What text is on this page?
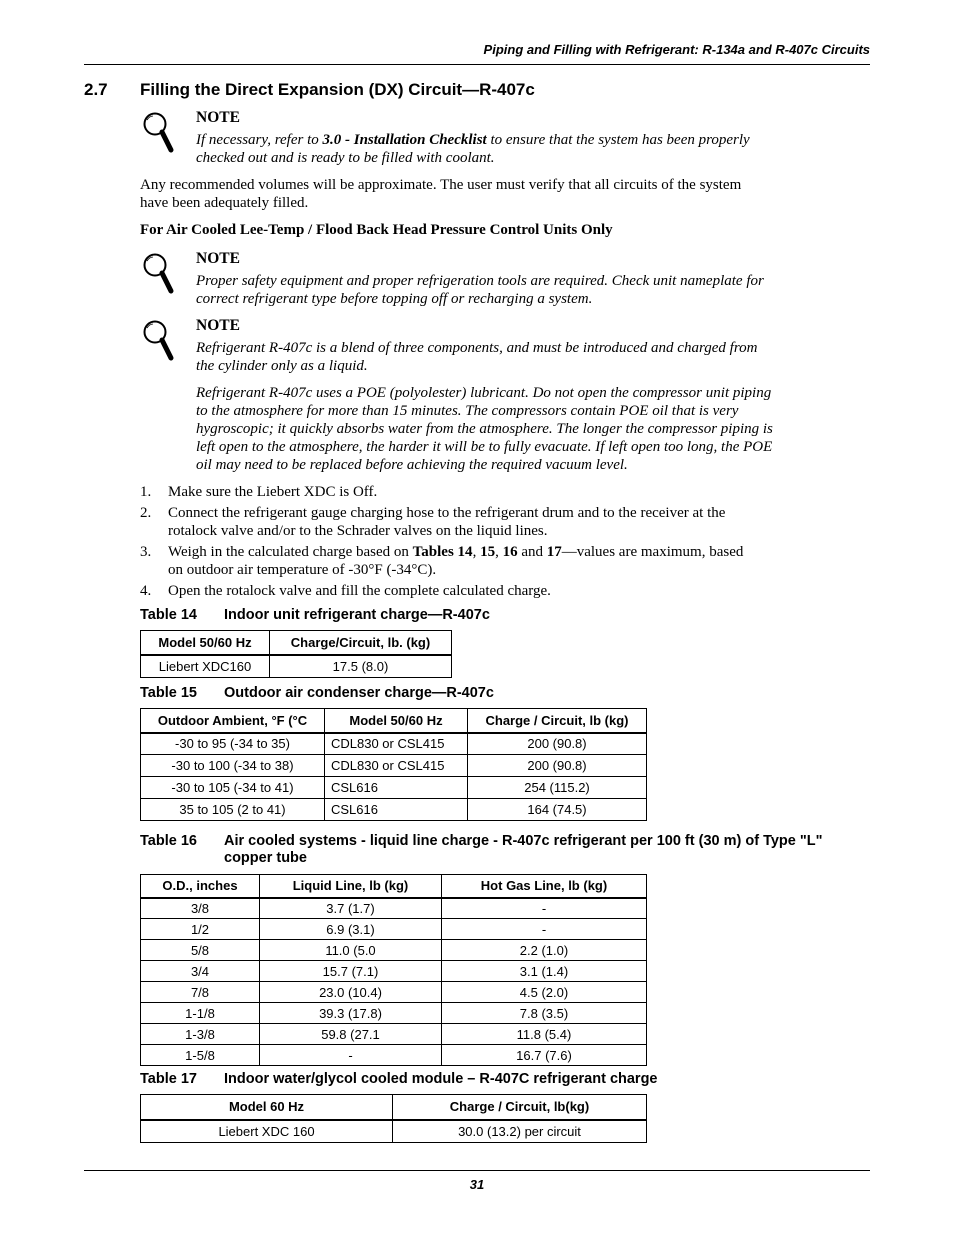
Piping and Filling with Refrigerant: R-134a and R-407c Circuits
2.7 Filling the Direct Expansion (DX) Circuit—R-407c
NOTE
If necessary, refer to 3.0 - Installation Checklist to ensure that the system has been properly
checked out and is ready to be filled with coolant.
Any recommended volumes will be approximate. The user must verify that all circuits of the system
have been adequately filled.
For Air Cooled Lee-Temp / Flood Back Head Pressure Control Units Only
NOTE
Proper safety equipment and proper refrigeration tools are required. Check unit nameplate for
correct refrigerant type before topping off or recharging a system.
NOTE
Refrigerant R-407c is a blend of three components, and must be introduced and charged from
the cylinder only as a liquid.
Refrigerant R-407c uses a POE (polyolester) lubricant. Do not open the compressor unit piping
to the atmosphere for more than 15 minutes. The compressors contain POE oil that is very
hygroscopic; it quickly absorbs water from the atmosphere. The longer the compressor piping is
left open to the atmosphere, the harder it will be to fully evacuate. If left open too long, the POE
oil may need to be replaced before achieving the required vacuum level.
1. Make sure the Liebert XDC is Off.
2. Connect the refrigerant gauge charging hose to the refrigerant drum and to the receiver at the
rotalock valve and/or to the Schrader valves on the liquid lines.
3. Weigh in the calculated charge based on Tables 14, 15, 16 and 17—values are maximum, based
on outdoor air temperature of -30°F (-34°C).
4. Open the rotalock valve and fill the complete calculated charge.
Table 14 Indoor unit refrigerant charge—R-407c
Model 50/60 Hz	Charge/Circuit, lb. (kg)
Liebert XDC160	17.5 (8.0)
Table 15 Outdoor air condenser charge—R-407c
Outdoor Ambient, °F (°C	Model 50/60 Hz	Charge / Circuit, lb (kg)
-30 to 95 (-34 to 35)	CDL830 or CSL415	200 (90.8)
-30 to 100 (-34 to 38)	CDL830 or CSL415	200 (90.8)
-30 to 105 (-34 to 41)	CSL616	254 (115.2)
35 to 105 (2 to 41)	CSL616	164 (74.5)
Table 16 Air cooled systems - liquid line charge - R-407c refrigerant per 100 ft (30 m) of Type "L"
copper tube
O.D., inches	Liquid Line, lb (kg)	Hot Gas Line, lb (kg)
3/8	3.7 (1.7)	-
1/2	6.9 (3.1)	-
5/8	11.0 (5.0	2.2 (1.0)
3/4	15.7 (7.1)	3.1 (1.4)
7/8	23.0 (10.4)	4.5 (2.0)
1-1/8	39.3 (17.8)	7.8 (3.5)
1-3/8	59.8 (27.1	11.8 (5.4)
1-5/8	-	16.7 (7.6)
Table 17 Indoor water/glycol cooled module – R-407C refrigerant charge
Model 60 Hz	Charge / Circuit, lb(kg)
Liebert XDC 160	30.0 (13.2) per circuit
31
